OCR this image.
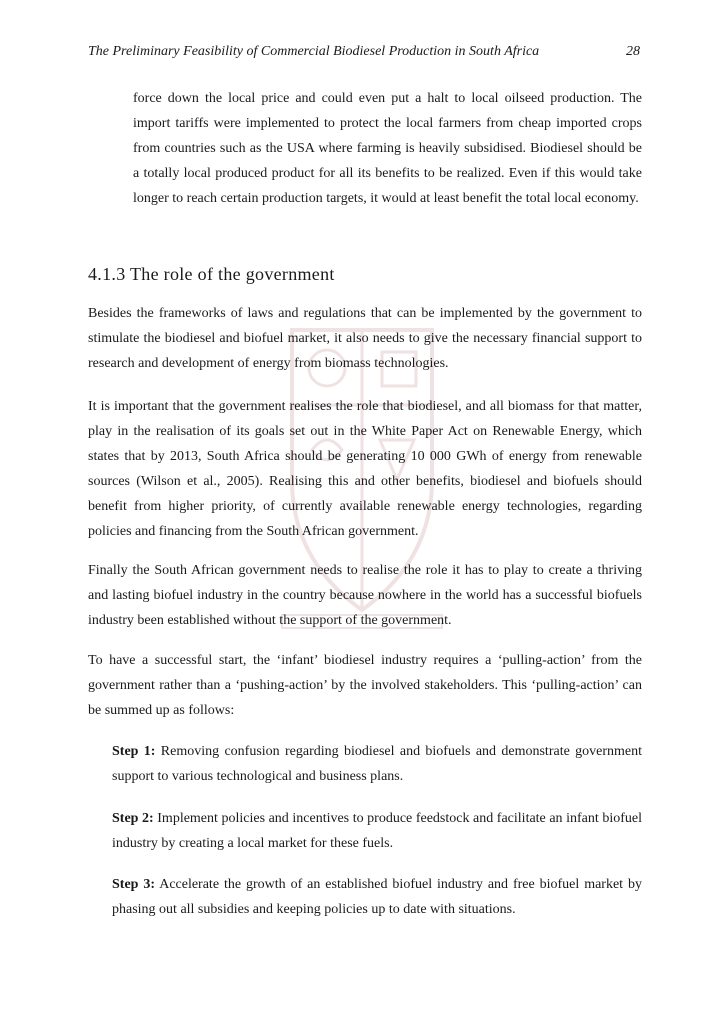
The Preliminary Feasibility of Commercial Biodiesel Production in South Africa	28

force down the local price and could even put a halt to local oilseed production. The import tariffs were implemented to protect the local farmers from cheap imported crops from countries such as the USA where farming is heavily subsidised. Biodiesel should be a totally local produced product for all its benefits to be realized. Even if this would take longer to reach certain production targets, it would at least benefit the total local economy.

4.1.3 The role of the government

Besides the frameworks of laws and regulations that can be implemented by the government to stimulate the biodiesel and biofuel market, it also needs to give the necessary financial support to research and development of energy from biomass technologies.

It is important that the government realises the role that biodiesel, and all biomass for that matter, play in the realisation of its goals set out in the White Paper Act on Renewable Energy, which states that by 2013, South Africa should be generating 10 000 GWh of energy from renewable sources (Wilson et al., 2005). Realising this and other benefits, biodiesel and biofuels should benefit from higher priority, of currently available renewable energy technologies, regarding policies and financing from the South African government.

Finally the South African government needs to realise the role it has to play to create a thriving and lasting biofuel industry in the country because nowhere in the world has a successful biofuels industry been established without the support of the government.

To have a successful start, the ‘infant’ biodiesel industry requires a ‘pulling-action’ from the government rather than a ‘pushing-action’ by the involved stakeholders. This ‘pulling-action’ can be summed up as follows:

Step 1: Removing confusion regarding biodiesel and biofuels and demonstrate government support to various technological and business plans.

Step 2: Implement policies and incentives to produce feedstock and facilitate an infant biofuel industry by creating a local market for these fuels.

Step 3: Accelerate the growth of an established biofuel industry and free biofuel market by phasing out all subsidies and keeping policies up to date with situations.
